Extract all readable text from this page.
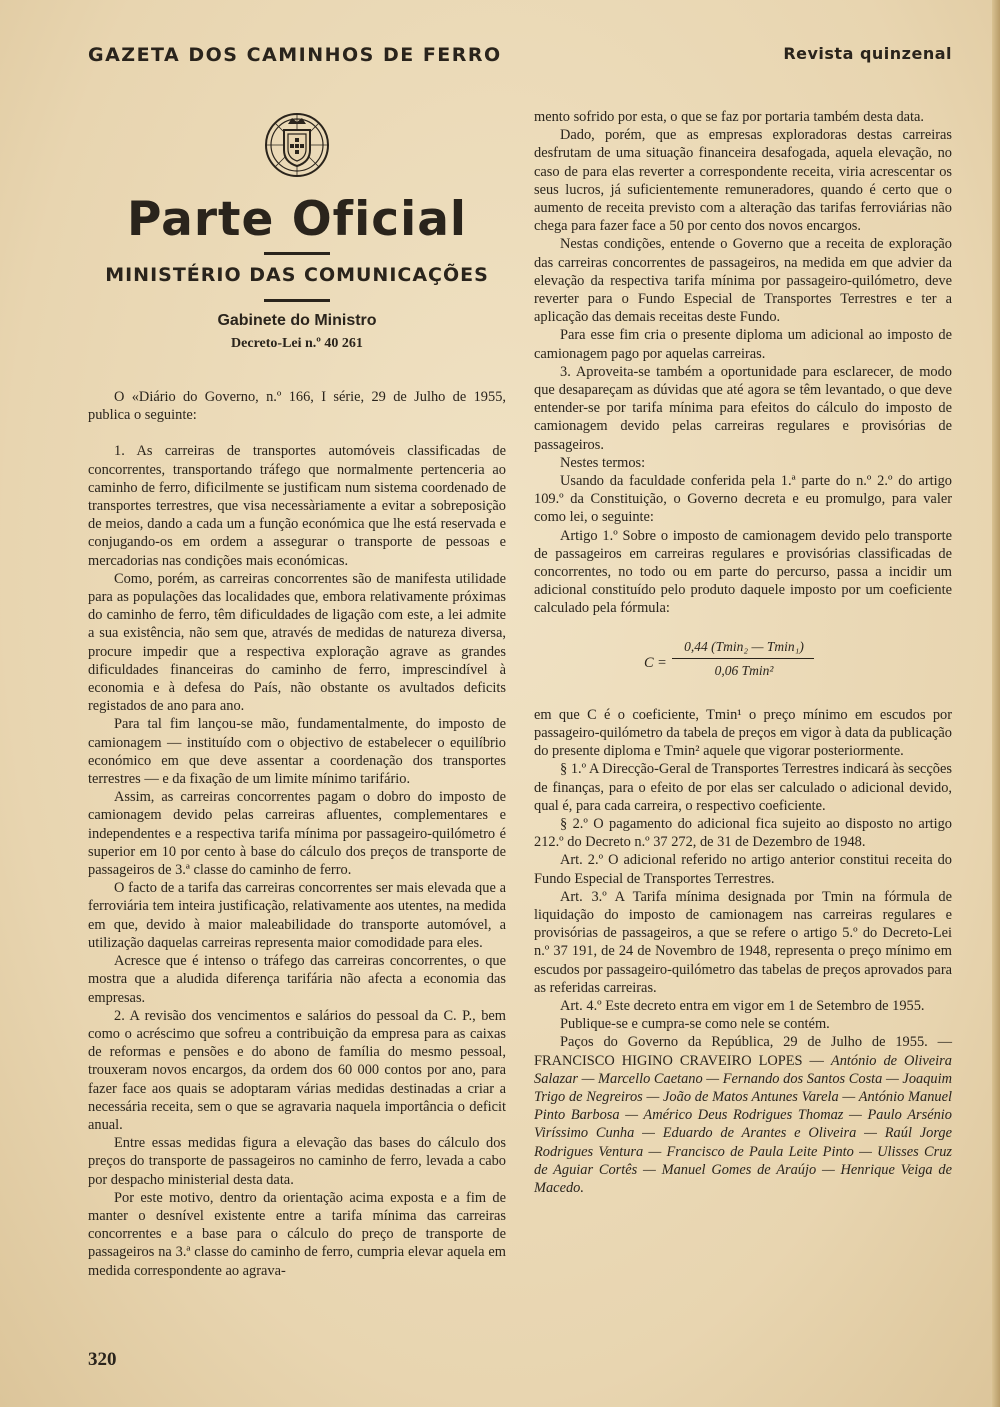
GAZETA DOS CAMINHOS DE FERRO	Revista quinzenal
Parte Oficial
MINISTÉRIO DAS COMUNICAÇÕES
Gabinete do Ministro
Decreto-Lei n.º 40 261

O «Diário do Governo, n.º 166, I série, 29 de Julho de 1955, publica o seguinte:

1. As carreiras de transportes automóveis classificadas de concorrentes, transportando tráfego que normalmente pertenceria ao caminho de ferro, dificilmente se justificam num sistema coordenado de transportes terrestres, que visa necessàriamente a evitar a sobreposição de meios, dando a cada um a função económica que lhe está reservada e conjugando-os em ordem a assegurar o transporte de pessoas e mercadorias nas condições mais económicas.

Como, porém, as carreiras concorrentes são de manifesta utilidade para as populações das localidades que, embora relativamente próximas do caminho de ferro, têm dificuldades de ligação com este, a lei admite a sua existência, não sem que, através de medidas de natureza diversa, procure impedir que a respectiva exploração agrave as grandes dificuldades financeiras do caminho de ferro, imprescindível à economia e à defesa do País, não obstante os avultados deficits registados de ano para ano.

Para tal fim lançou-se mão, fundamentalmente, do imposto de camionagem — instituído com o objectivo de estabelecer o equilíbrio económico em que deve assentar a coordenação dos transportes terrestres — e da fixação de um limite mínimo tarifário.

Assim, as carreiras concorrentes pagam o dobro do imposto de camionagem devido pelas carreiras afluentes, complementares e independentes e a respectiva tarifa mínima por passageiro-quilómetro é superior em 10 por cento à base do cálculo dos preços de transporte de passageiros de 3.ª classe do caminho de ferro.

O facto de a tarifa das carreiras concorrentes ser mais elevada que a ferroviária tem inteira justificação, relativamente aos utentes, na medida em que, devido à maior maleabilidade do transporte automóvel, a utilização daquelas carreiras representa maior comodidade para eles.

Acresce que é intenso o tráfego das carreiras concorrentes, o que mostra que a aludida diferença tarifária não afecta a economia das empresas.

2. A revisão dos vencimentos e salários do pessoal da C. P., bem como o acréscimo que sofreu a contribuição da empresa para as caixas de reformas e pensões e do abono de família do mesmo pessoal, trouxeram novos encargos, da ordem dos 60 000 contos por ano, para fazer face aos quais se adoptaram várias medidas destinadas a criar a necessária receita, sem o que se agravaria naquela importância o deficit anual.

Entre essas medidas figura a elevação das bases do cálculo dos preços do transporte de passageiros no caminho de ferro, levada a cabo por despacho ministerial desta data.

Por este motivo, dentro da orientação acima exposta e a fim de manter o desnível existente entre a tarifa mínima das carreiras concorrentes e a base para o cálculo do preço de transporte de passageiros na 3.ª classe do caminho de ferro, cumpria elevar aquela em medida correspondente ao agrava-

mento sofrido por esta, o que se faz por portaria também desta data.

Dado, porém, que as empresas exploradoras destas carreiras desfrutam de uma situação financeira desafogada, aquela elevação, no caso de para elas reverter a correspondente receita, viria acrescentar os seus lucros, já suficientemente remuneradores, quando é certo que o aumento de receita previsto com a alteração das tarifas ferroviárias não chega para fazer face a 50 por cento dos novos encargos.

Nestas condições, entende o Governo que a receita de exploração das carreiras concorrentes de passageiros, na medida em que advier da elevação da respectiva tarifa mínima por passageiro-quilómetro, deve reverter para o Fundo Especial de Transportes Terrestres e ter a aplicação das demais receitas deste Fundo.

Para esse fim cria o presente diploma um adicional ao imposto de camionagem pago por aquelas carreiras.

3. Aproveita-se também a oportunidade para esclarecer, de modo que desapareçam as dúvidas que até agora se têm levantado, o que deve entender-se por tarifa mínima para efeitos do cálculo do imposto de camionagem devido pelas carreiras regulares e provisórias de passageiros.

Nestes termos:

Usando da faculdade conferida pela 1.ª parte do n.º 2.º do artigo 109.º da Constituição, o Governo decreta e eu promulgo, para valer como lei, o seguinte:

Artigo 1.º Sobre o imposto de camionagem devido pelo transporte de passageiros em carreiras regulares e provisórias classificadas de concorrentes, no todo ou em parte do percurso, passa a incidir um adicional constituído pelo produto daquele imposto por um coeficiente calculado pela fórmula:

C =
0,44 (Tmin₂ — Tmin₁)
0,06 Tmin²

em que C é o coeficiente, Tmin¹ o preço mínimo em escudos por passageiro-quilómetro da tabela de preços em vigor à data da publicação do presente diploma e Tmin² aquele que vigorar posteriormente.

§ 1.º A Direcção-Geral de Transportes Terrestres indicará às secções de finanças, para o efeito de por elas ser calculado o adicional devido, qual é, para cada carreira, o respectivo coeficiente.

§ 2.º O pagamento do adicional fica sujeito ao disposto no artigo 212.º do Decreto n.º 37 272, de 31 de Dezembro de 1948.

Art. 2.º O adicional referido no artigo anterior constitui receita do Fundo Especial de Transportes Terrestres.

Art. 3.º A Tarifa mínima designada por Tmin na fórmula de liquidação do imposto de camionagem nas carreiras regulares e provisórias de passageiros, a que se refere o artigo 5.º do Decreto-Lei n.º 37 191, de 24 de Novembro de 1948, representa o preço mínimo em escudos por passageiro-quilómetro das tabelas de preços aprovados para as referidas carreiras.

Art. 4.º Este decreto entra em vigor em 1 de Setembro de 1955.

Publique-se e cumpra-se como nele se contém.

Paços do Governo da República, 29 de Julho de 1955. — FRANCISCO HIGINO CRAVEIRO LOPES — António de Oliveira Salazar — Marcello Caetano — Fernando dos Santos Costa — Joaquim Trigo de Negreiros — João de Matos Antunes Varela — António Manuel Pinto Barbosa — Américo Deus Rodrigues Thomaz — Paulo Arsénio Viríssimo Cunha — Eduardo de Arantes e Oliveira — Raúl Jorge Rodrigues Ventura — Francisco de Paula Leite Pinto — Ulisses Cruz de Aguiar Cortês — Manuel Gomes de Araújo — Henrique Veiga de Macedo.

320
